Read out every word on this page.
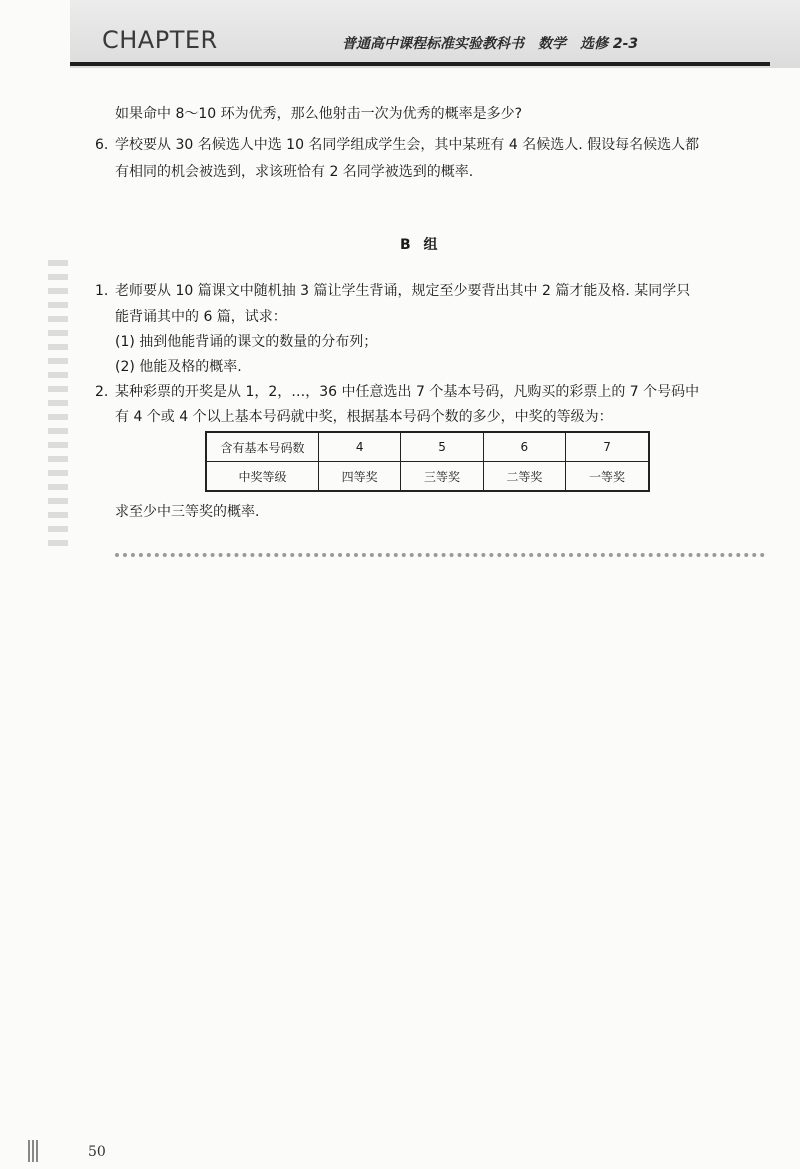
CHAPTER	普通高中课程标准实验教科书　数学　选修 2-3
如果命中 8～10 环为优秀，那么他射击一次为优秀的概率是多少?
6. 学校要从 30 名候选人中选 10 名同学组成学生会，其中某班有 4 名候选人. 假设每名候选人都
有相同的机会被选到，求该班恰有 2 名同学被选到的概率.
B 组
1. 老师要从 10 篇课文中随机抽 3 篇让学生背诵，规定至少要背出其中 2 篇才能及格. 某同学只
能背诵其中的 6 篇，试求：
(1) 抽到他能背诵的课文的数量的分布列；
(2) 他能及格的概率.
2. 某种彩票的开奖是从 1，2，…，36 中任意选出 7 个基本号码，凡购买的彩票上的 7 个号码中
有 4 个或 4 个以上基本号码就中奖，根据基本号码个数的多少，中奖的等级为：
含有基本号码数	4	5	6	7
中奖等级	四等奖	三等奖	二等奖	一等奖
求至少中三等奖的概率.
50
